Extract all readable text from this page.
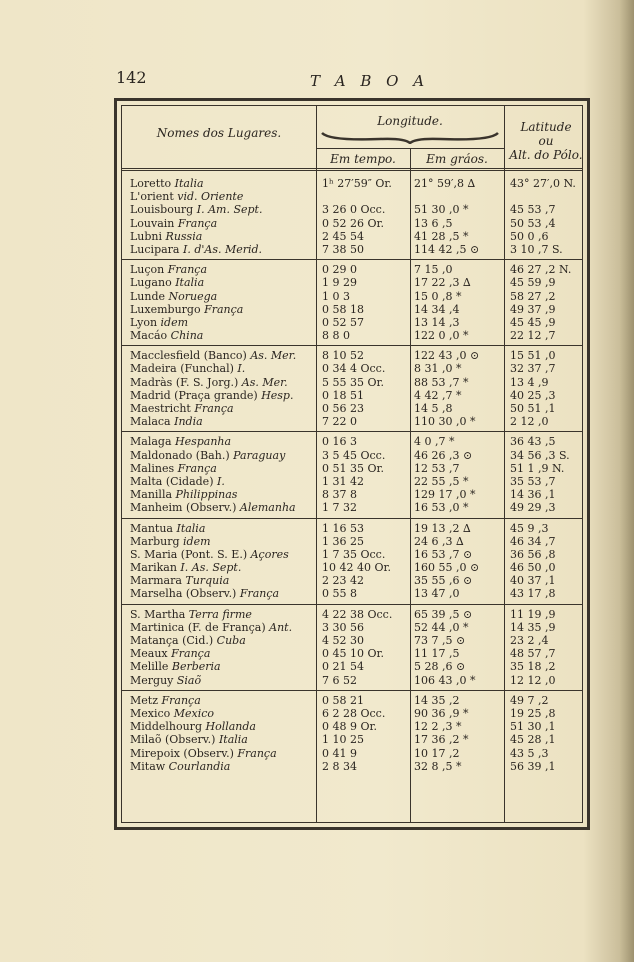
142	T A B O A
Nomes dos Lugares.
Longitude.
Em tempo.	Em gráos.
Latitude
ou
Alt. do Pólo.
Loretto Italia	1ʰ 27′59″ Or.	21° 59′,8 ∆	43° 27′,0 N.
L'orient vid. Oriente
Louisbourg I. Am. Sept.	3 26 0 Occ.	51 30 ,0 *	45 53 ,7
Louvain França	0 52 26 Or.	13 6 ,5	50 53 ,4
Lubni Russia	2 45 54	41 28 ,5 *	50 0 ,6
Lucipara I. d'As. Merid.	7 38 50	114 42 ,5 ⊙	3 10 ,7 S.
Luçon França	0 29 0	7 15 ,0	46 27 ,2 N.
Lugano Italia	1 9 29	17 22 ,3 ∆	45 59 ,9
Lunde Noruega	1 0 3	15 0 ,8 *	58 27 ,2
Luxemburgo França	0 58 18	14 34 ,4	49 37 ,9
Lyon idem	0 52 57	13 14 ,3	45 45 ,9
Macáo China	8 8 0	122 0 ,0 *	22 12 ,7
Macclesfield (Banco) As. Mer.	8 10 52	122 43 ,0 ⊙	15 51 ,0
Madeira (Funchal) I.	0 34 4 Occ.	8 31 ,0 *	32 37 ,7
Madràs (F. S. Jorg.) As. Mer.	5 55 35 Or.	88 53 ,7 *	13 4 ,9
Madrid (Praça grande) Hesp.	0 18 51	4 42 ,7 *	40 25 ,3
Maestricht França	0 56 23	14 5 ,8	50 51 ,1
Malaca India	7 22 0	110 30 ,0 *	2 12 ,0
Malaga Hespanha	0 16 3	4 0 ,7 *	36 43 ,5
Maldonado (Bah.) Paraguay	3 5 45 Occ.	46 26 ,3 ⊙	34 56 ,3 S.
Malines França	0 51 35 Or.	12 53 ,7	51 1 ,9 N.
Malta (Cidade) I.	1 31 42	22 55 ,5 *	35 53 ,7
Manilla Philippinas	8 37 8	129 17 ,0 *	14 36 ,1
Manheim (Observ.) Alemanha	1 7 32	16 53 ,0 *	49 29 ,3
Mantua Italia	1 16 53	19 13 ,2 ∆	45 9 ,3
Marburg idem	1 36 25	24 6 ,3 ∆	46 34 ,7
S. Maria (Pont. S. E.) Açores	1 7 35 Occ.	16 53 ,7 ⊙	36 56 ,8
Marikan I. As. Sept.	10 42 40 Or.	160 55 ,0 ⊙	46 50 ,0
Marmara Turquia	2 23 42	35 55 ,6 ⊙	40 37 ,1
Marselha (Observ.) França	0 55 8	13 47 ,0	43 17 ,8
S. Martha Terra firme	4 22 38 Occ.	65 39 ,5 ⊙	11 19 ,9
Martinica (F. de França) Ant.	3 30 56	52 44 ,0 *	14 35 ,9
Matança (Cid.) Cuba	4 52 30	73 7 ,5 ⊙	23 2 ,4
Meaux França	0 45 10 Or.	11 17 ,5	48 57 ,7
Melille Berberia	0 21 54	5 28 ,6 ⊙	35 18 ,2
Merguy Siaõ	7 6 52	106 43 ,0 *	12 12 ,0
Metz França	0 58 21	14 35 ,2	49 7 ,2
Mexico Mexico	6 2 28 Occ.	90 36 ,9 *	19 25 ,8
Middelhourg Hollanda	0 48 9 Or.	12 2 ,3 *	51 30 ,1
Milaõ (Observ.) Italia	1 10 25	17 36 ,2 *	45 28 ,1
Mirepoix (Observ.) França	0 41 9	10 17 ,2	43 5 ,3
Mitaw Courlandia	2 8 34	32 8 ,5 *	56 39 ,1
